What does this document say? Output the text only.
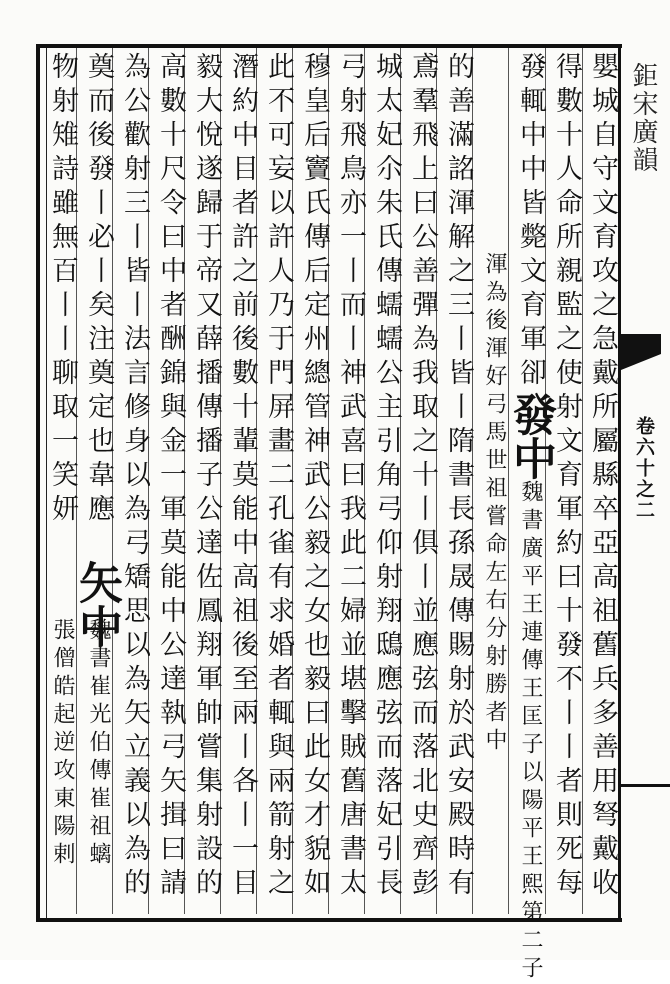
鉅宋廣韻
卷六十之二
嬰城自守文育攻之急戴所屬縣卒亞高祖舊兵多善用弩戴收
得數十人命所親監之使射文育軍約曰十發不丨丨者則死每
發輒中中皆斃文育軍卻發中魏書廣平王連傳王匡子以陽平王熙第二子
渾為後渾好弓馬世祖嘗命左右分射勝者中
的善滿詺渾解之三丨皆丨隋書長孫晟傳賜射於武安殿時有
鳶羣飛上曰公善彈為我取之十丨俱丨並應弦而落北史齊彭
城太妃尒朱氏傳蠕蠕公主引角弓仰射翔鴟應弦而落妃引長
弓射飛鳥亦一丨而丨神武喜曰我此二婦並堪擊賊舊唐書太
穆皇后竇氏傳后定州總管神武公毅之女也毅曰此女才貌如
此不可妄以許人乃于門屏畫二孔雀有求婚者輒與兩箭射之
潛約中目者許之前後數十輩莫能中高祖後至兩丨各丨一目
毅大悅遂歸于帝又薛播傳播子公達佐鳳翔軍帥嘗集射設的
高數十尺令曰中者酬錦與金一軍莫能中公達執弓矢揖曰請
為公歡射三丨皆丨法言修身以為弓矯思以為矢立義以為的
奠而後發丨必丨矣注奠定也韋應
物射雉詩雖無百丨丨聊取一笑妍
矢中
魏書崔光伯傳崔祖螭
張僧皓起逆攻東陽剌
